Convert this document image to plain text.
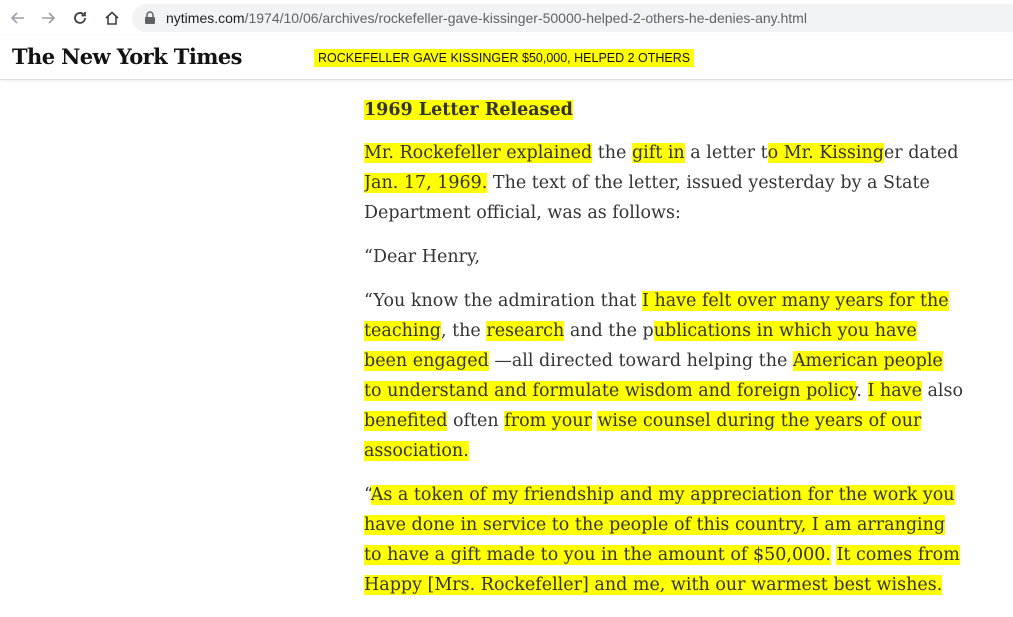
nytimes.com/1974/10/06/archives/rockefeller-gave-kissinger-50000-helped-2-others-he-denies-any.html
The New York Times	ROCKEFELLER GAVE KISSINGER $50,000, HELPED 2 OTHERS

1969 Letter Released

Mr. Rockefeller explained the gift in a letter to Mr. Kissinger dated Jan. 17, 1969. The text of the letter, issued yesterday by a State Department official, was as follows:

“Dear Henry,

“You know the admiration that I have felt over many years for the teaching, the research and the publications in which you have been engaged —all directed toward helping the American people to understand and formulate wisdom and foreign policy. I have also benefited often from your wise counsel during the years of our association.

“As a token of my friendship and my appreciation for the work you have done in service to the people of this country, I am arranging to have a gift made to you in the amount of $50,000. It comes from Happy [Mrs. Rockefeller] and me, with our warmest best wishes.
